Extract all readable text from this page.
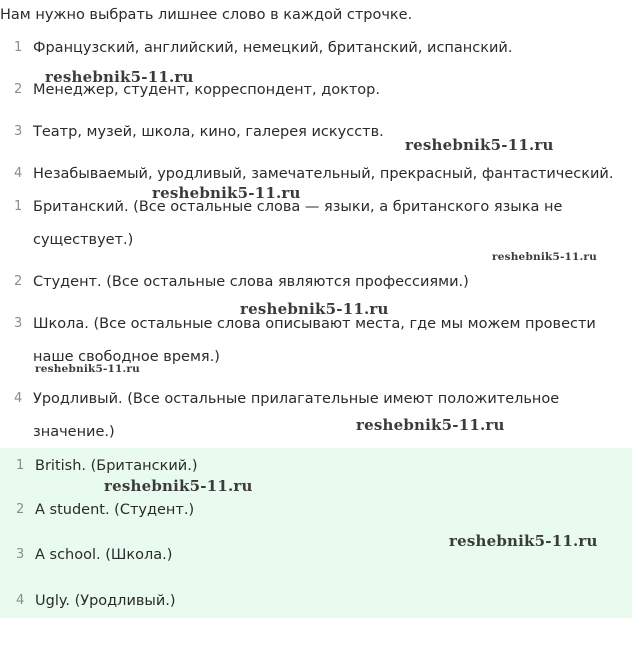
Нам нужно выбрать лишнее слово в каждой строчке.
1 Французский, английский, немецкий, британский, испанский.
2 Менеджер, студент, корреспондент, доктор.
3 Театр, музей, школа, кино, галерея искусств.
4 Незабываемый, уродливый, замечательный, прекрасный, фантастический.
1 Британский. (Все остальные слова — языки, а британского языка не
существует.)
2 Студент. (Все остальные слова являются профессиями.)
3 Школа. (Все остальные слова описывают места, где мы можем провести
наше свободное время.)
4 Уродливый. (Все остальные прилагательные имеют положительное
значение.)
1 British. (Британский.)
2 A student. (Студент.)
3 A school. (Школа.)
4 Ugly. (Уродливый.)
reshebnik5-11.ru
reshebnik5-11.ru
reshebnik5-11.ru
reshebnik5-11.ru
reshebnik5-11.ru
reshebnik5-11.ru
reshebnik5-11.ru
reshebnik5-11.ru
reshebnik5-11.ru
